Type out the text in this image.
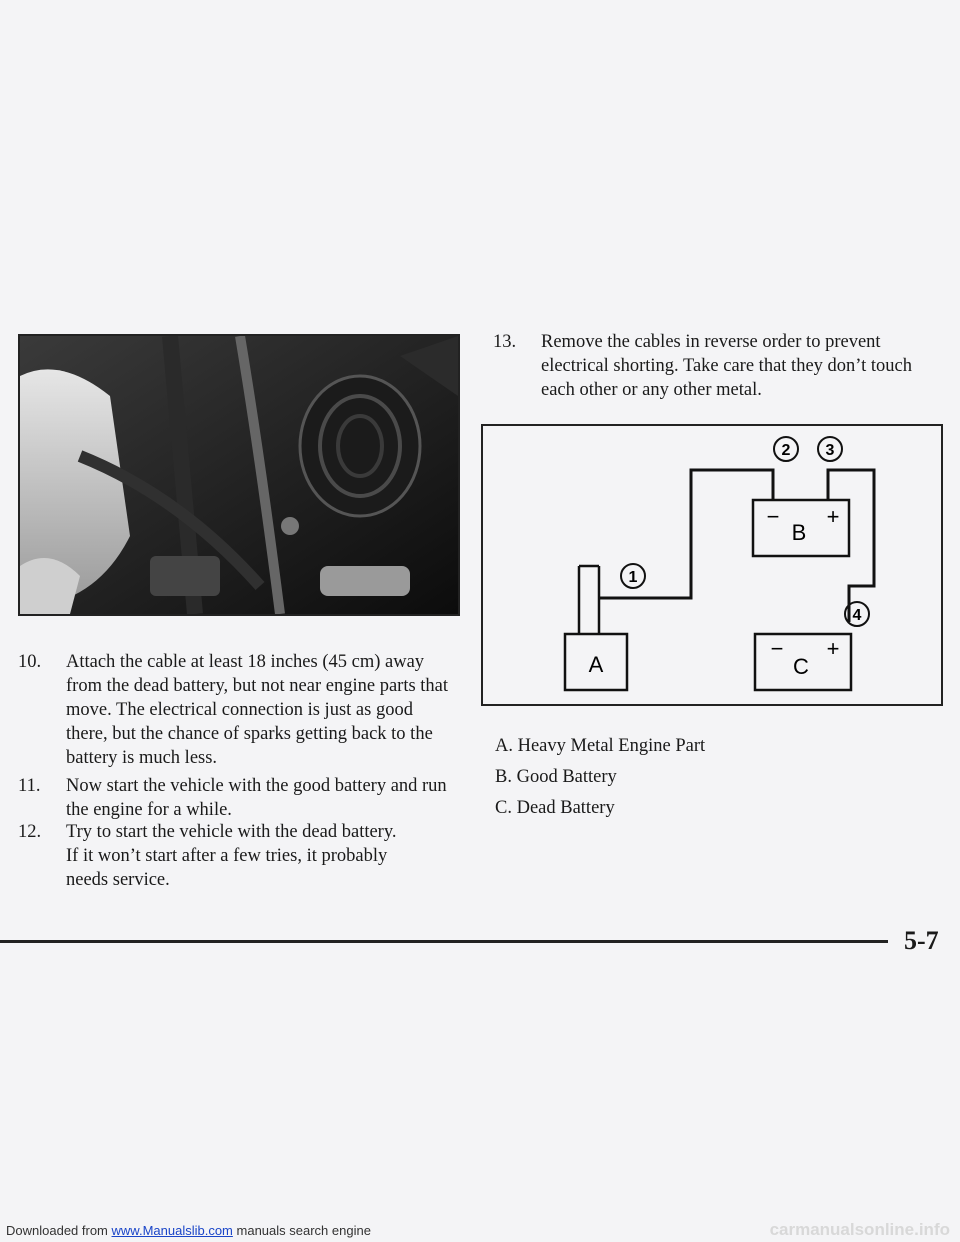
10. Attach the cable at least 18 inches (45 cm) away
from the dead battery, but not near engine parts that
move. The electrical connection is just as good
there, but the chance of sparks getting back to the
battery is much less.
11. Now start the vehicle with the good battery and run
the engine for a while.
12. Try to start the vehicle with the dead battery.
If it won’t start after a few tries, it probably
needs service.
13. Remove the cables in reverse order to prevent
electrical shorting. Take care that they don’t touch
each other or any other metal.
A
B
− +
C
− +
1
2 3
4
A. Heavy Metal Engine Part
B. Good Battery
C. Dead Battery
5-7
Downloaded from www.Manualslib.com manuals search engine	carmanualsonline.info
